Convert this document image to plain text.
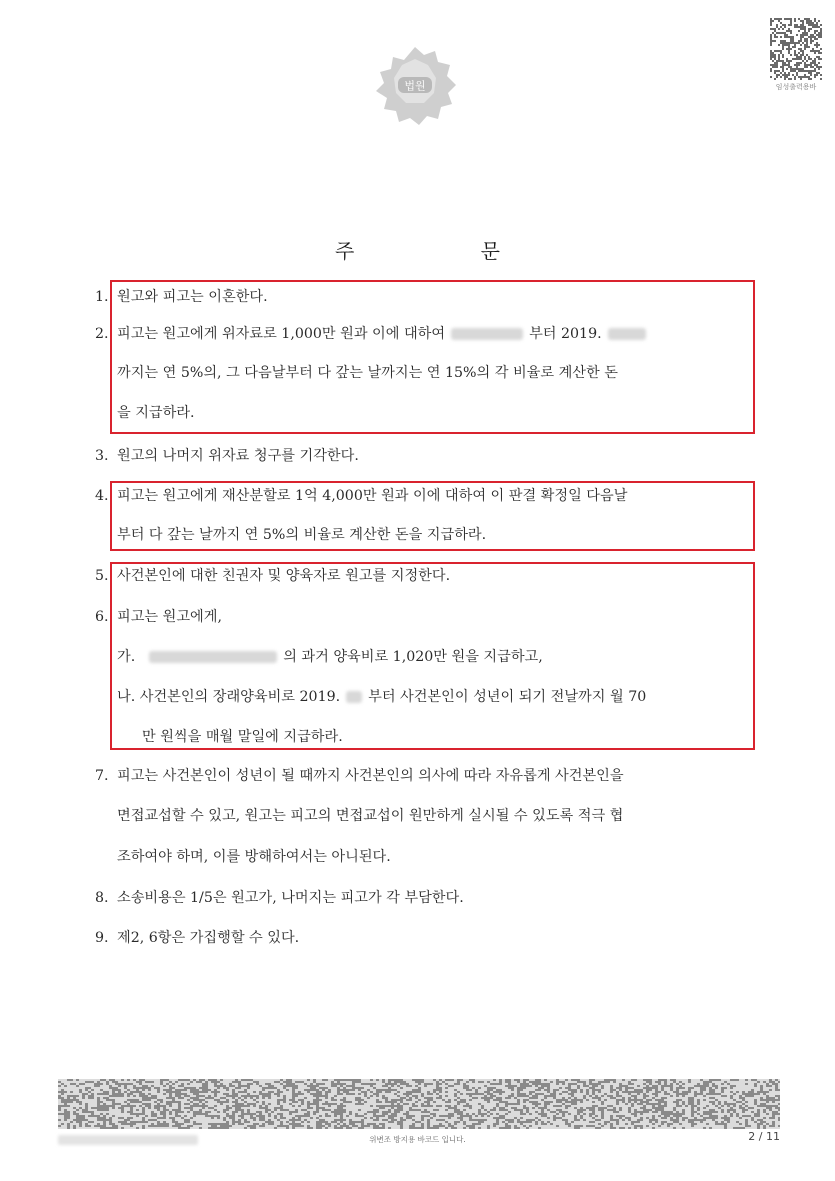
법원	임성출력용바
주 문
1. 원고와 피고는 이혼한다.
2. 피고는 원고에게 위자료로 1,000만 원과 이에 대하여	부터 2019.
까지는 연 5%의, 그 다음날부터 다 갚는 날까지는 연 15%의 각 비율로 계산한 돈
을 지급하라.
3. 원고의 나머지 위자료 청구를 기각한다.
4. 피고는 원고에게 재산분할로 1억 4,000만 원과 이에 대하여 이 판결 확정일 다음날
부터 다 갚는 날까지 연 5%의 비율로 계산한 돈을 지급하라.
5. 사건본인에 대한 친권자 및 양육자로 원고를 지정한다.
6. 피고는 원고에게,
가.	의 과거 양육비로 1,020만 원을 지급하고,
나. 사건본인의 장래양육비로 2019. 부터 사건본인이 성년이 되기 전날까지 월 70
만 원씩을 매월 말일에 지급하라.
7. 피고는 사건본인이 성년이 될 때까지 사건본인의 의사에 따라 자유롭게 사건본인을
면접교섭할 수 있고, 원고는 피고의 면접교섭이 원만하게 실시될 수 있도록 적극 협
조하여야 하며, 이를 방해하여서는 아니된다.
8. 소송비용은 1/5은 원고가, 나머지는 피고가 각 부담한다.
9. 제2, 6항은 가집행할 수 있다.
위변조 방지용 바코드 입니다.	2 / 11
